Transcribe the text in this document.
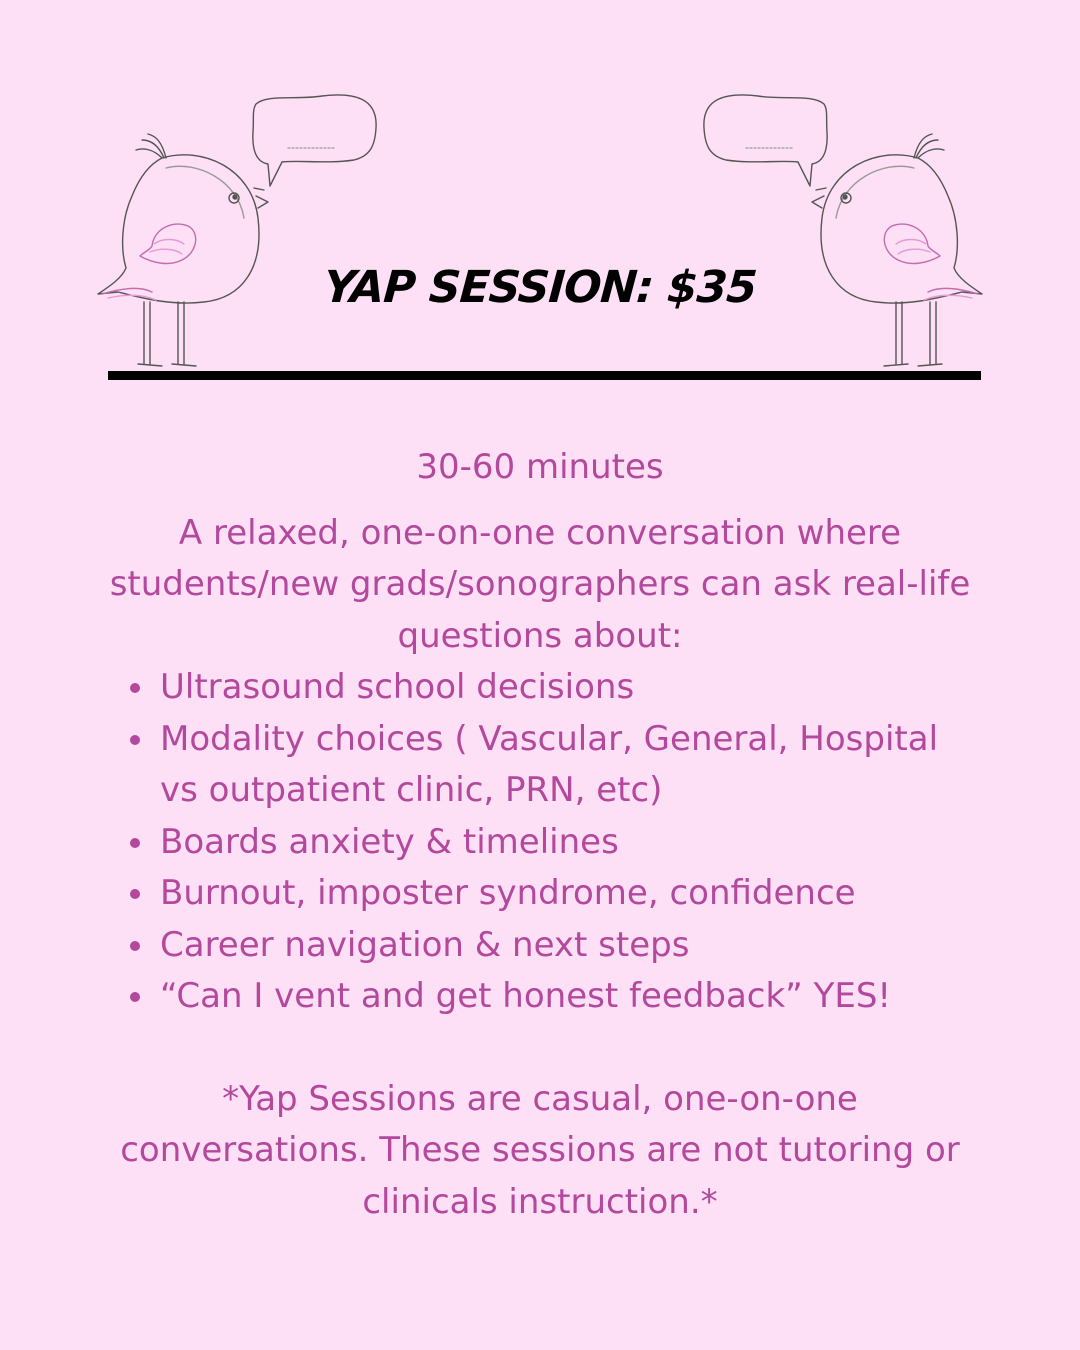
YAP SESSION: $35

30-60 minutes

A relaxed, one-on-one conversation where students/new grads/sonographers can ask real-life questions about:

Ultrasound school decisions
Modality choices ( Vascular, General, Hospital vs outpatient clinic, PRN, etc)
Boards anxiety & timelines
Burnout, imposter syndrome, confidence
Career navigation & next steps
“Can I vent and get honest feedback” YES!

*Yap Sessions are casual, one-on-one conversations. These sessions are not tutoring or clinicals instruction.*
